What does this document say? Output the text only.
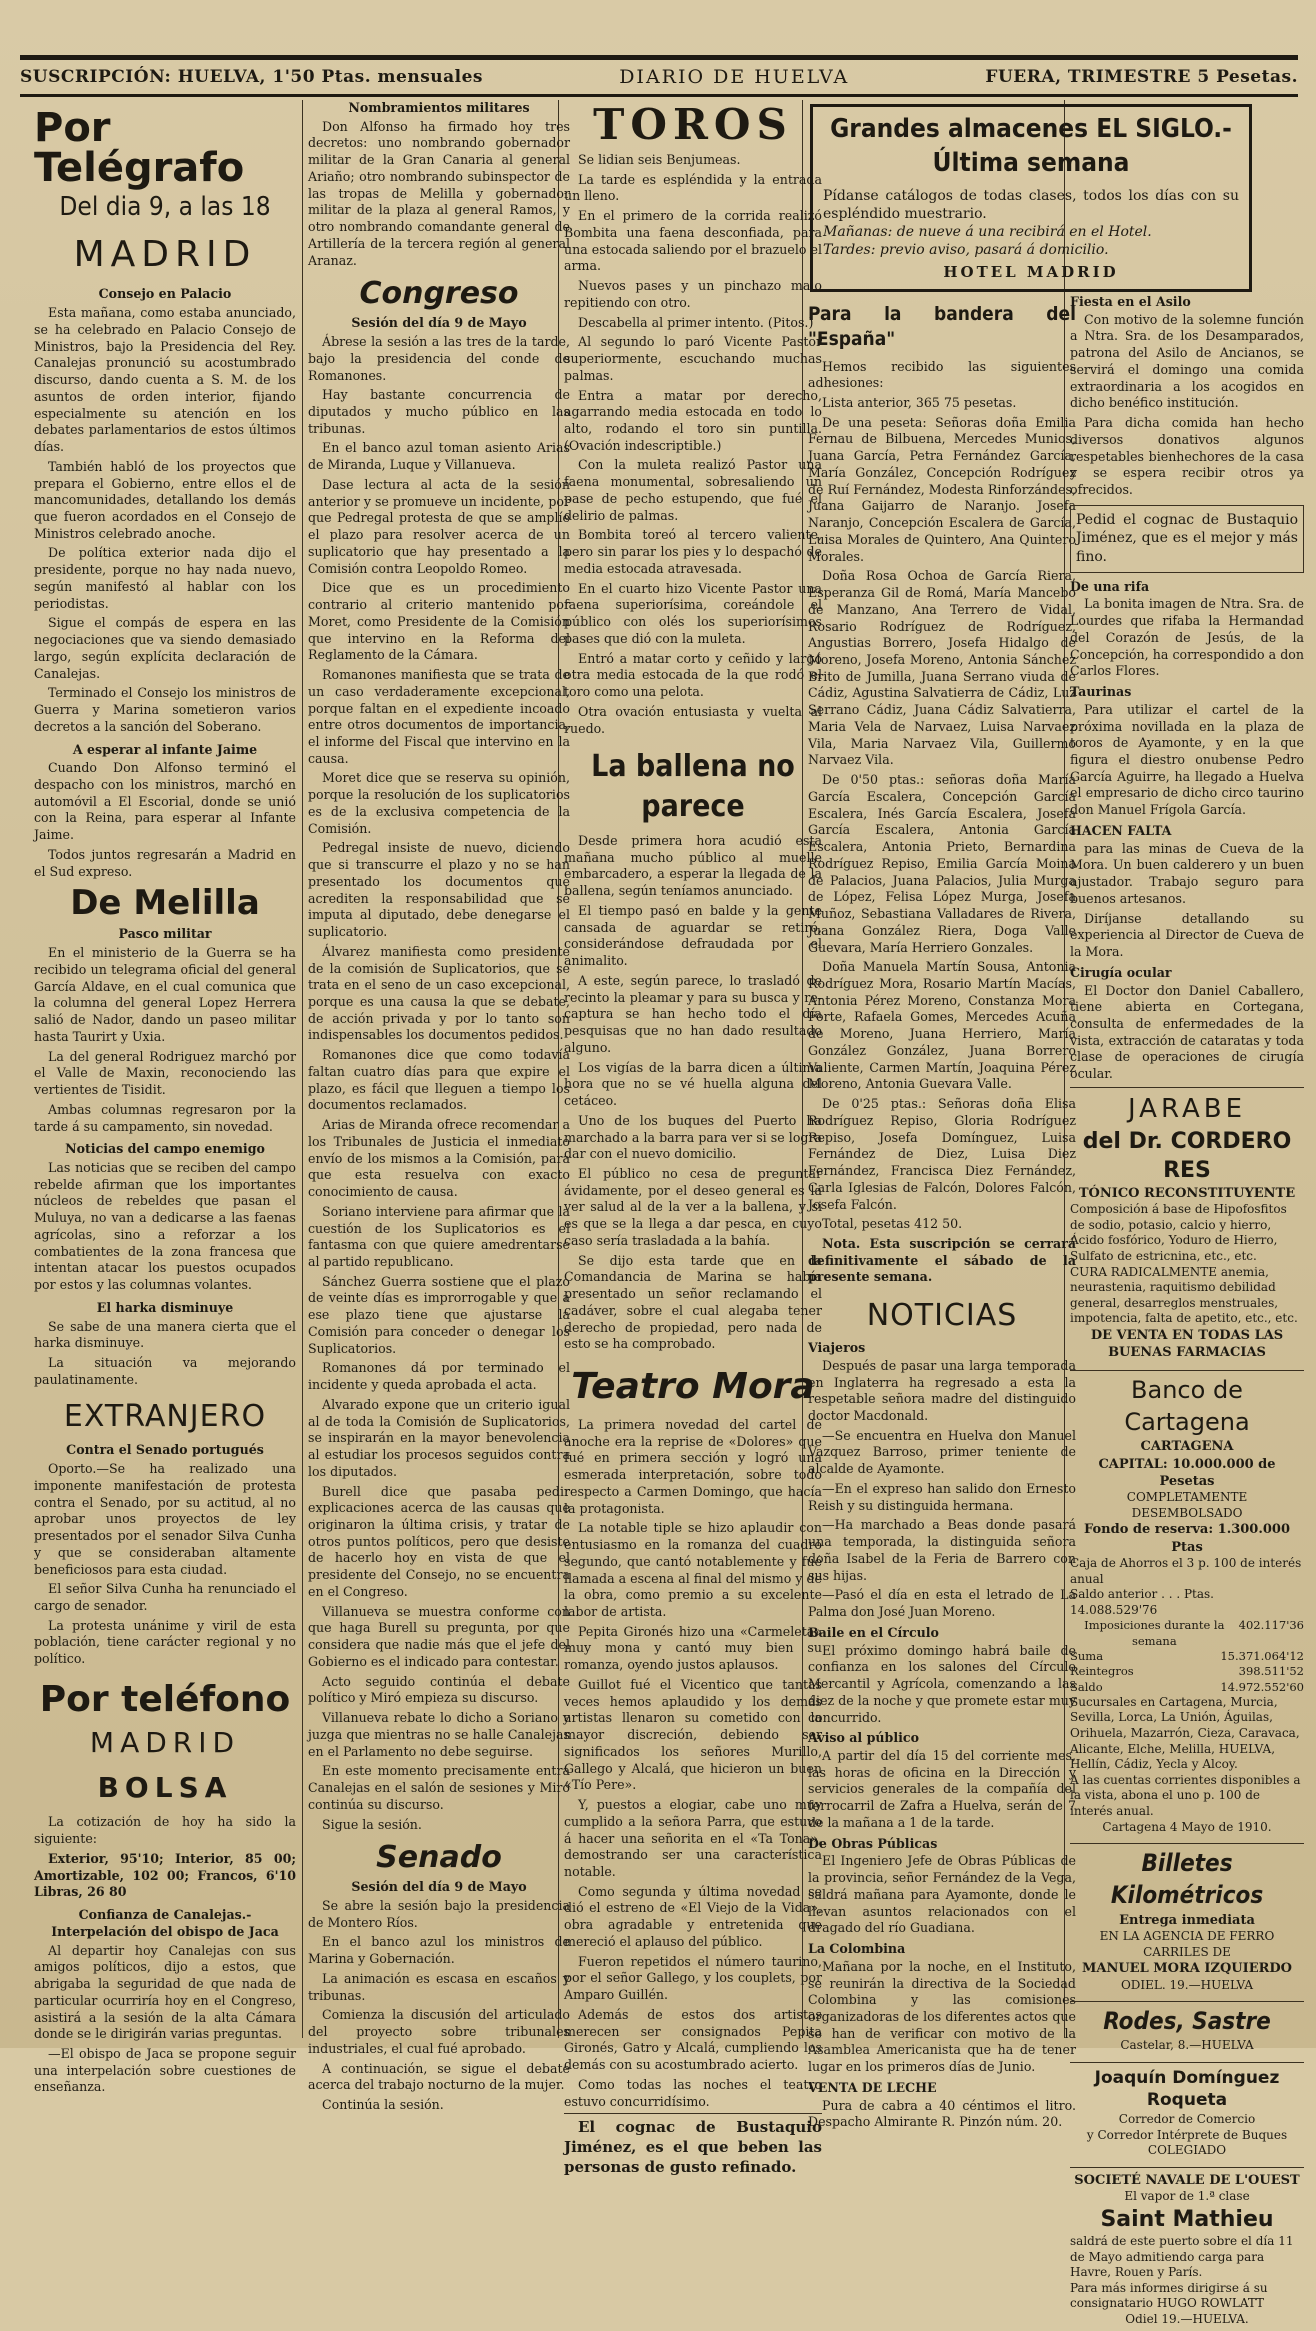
SUSCRIPCIÓN: HUELVA, 1'50 Ptas. mensuales	DIARIO DE HUELVA	FUERA, TRIMESTRE 5 Pesetas.
Por Telégrafo
Del dia 9, a las 18
MADRID
Consejo en Palacio

Esta mañana, como estaba anunciado, se ha celebrado en Palacio Consejo de Ministros, bajo la Presidencia del Rey. Canalejas pronunció su acostumbrado discurso, dando cuenta a S. M. de los asuntos de orden interior, fijando especialmente su atención en los debates parlamentarios de estos últimos días.

También habló de los proyectos que prepara el Gobierno, entre ellos el de mancomunidades, detallando los demás que fueron acordados en el Consejo de Ministros celebrado anoche.

De política exterior nada dijo el presidente, porque no hay nada nuevo, según manifestó al hablar con los periodistas.

Sigue el compás de espera en las negociaciones que va siendo demasiado largo, según explícita declaración de Canalejas.

Terminado el Consejo los ministros de Guerra y Marina sometieron varios decretos a la sanción del Soberano.

A esperar al infante Jaime

Cuando Don Alfonso terminó el despacho con los ministros, marchó en automóvil a El Escorial, donde se unió con la Reina, para esperar al Infante Jaime.

Todos juntos regresarán a Madrid en el Sud expreso.

De Melilla
Pasco militar

En el ministerio de la Guerra se ha recibido un telegrama oficial del general García Aldave, en el cual comunica que la columna del general Lopez Herrera salió de Nador, dando un paseo militar hasta Taurirt y Uxia.

La del general Rodriguez marchó por el Valle de Maxin, reconociendo las vertientes de Tisidit.

Ambas columnas regresaron por la tarde á su campamento, sin novedad.

Noticias del campo enemigo

Las noticias que se reciben del campo rebelde afirman que los importantes núcleos de rebeldes que pasan el Muluya, no van a dedicarse a las faenas agrícolas, sino a reforzar a los combatientes de la zona francesa que intentan atacar los puestos ocupados por estos y las columnas volantes.

El harka disminuye

Se sabe de una manera cierta que el harka disminuye.

La situación va mejorando paulatinamente.

EXTRANJERO
Contra el Senado portugués

Oporto.—Se ha realizado una imponente manifestación de protesta contra el Senado, por su actitud, al no aprobar unos proyectos de ley presentados por el senador Silva Cunha y que se consideraban altamente beneficiosos para esta ciudad.

El señor Silva Cunha ha renunciado el cargo de senador.

La protesta unánime y viril de esta población, tiene carácter regional y no político.

Por teléfono
MADRID
BOLSA

La cotización de hoy ha sido la siguiente:

Exterior, 95'10; Interior, 85 00; Amortizable, 102 00; Francos, 6'10 Libras, 26 80

Confianza de Canalejas.-Interpelación del obispo de Jaca

Al departir hoy Canalejas con sus amigos políticos, dijo a estos, que abrigaba la seguridad de que nada de particular ocurriría hoy en el Congreso, asistirá a la sesión de la alta Cámara donde se le dirigirán varias preguntas.

—El obispo de Jaca se propone seguir una interpelación sobre cuestiones de enseñanza.

Nombramientos militares

Don Alfonso ha firmado hoy tres decretos: uno nombrando gobernador militar de la Gran Canaria al general Ariaño; otro nombrando subinspector de las tropas de Melilla y gobernador militar de la plaza al general Ramos, y otro nombrando comandante general de Artillería de la tercera región al general Aranaz.

Congreso
Sesión del día 9 de Mayo

Ábrese la sesión a las tres de la tarde, bajo la presidencia del conde de Romanones.

Hay bastante concurrencia de diputados y mucho público en las tribunas.

En el banco azul toman asiento Arias de Miranda, Luque y Villanueva.

Dase lectura al acta de la sesión anterior y se promueve un incidente, por que Pedregal protesta de que se amplíe el plazo para resolver acerca de un suplicatorio que hay presentado a la Comisión contra Leopoldo Romeo.

Dice que es un procedimiento contrario al criterio mantenido por Moret, como Presidente de la Comisión que intervino en la Reforma del Reglamento de la Cámara.

Romanones manifiesta que se trata de un caso verdaderamente excepcional, porque faltan en el expediente incoado entre otros documentos de importancia, el informe del Fiscal que intervino en la causa.

Moret dice que se reserva su opinión, porque la resolución de los suplicatorios es de la exclusiva competencia de la Comisión.

Pedregal insiste de nuevo, diciendo que si transcurre el plazo y no se han presentado los documentos que acrediten la responsabilidad que se imputa al diputado, debe denegarse el suplicatorio.

Álvarez manifiesta como presidente de la comisión de Suplicatorios, que se trata en el seno de un caso excepcional, porque es una causa la que se debate, de acción privada y por lo tanto son indispensables los documentos pedidos.

Romanones dice que como todavía faltan cuatro días para que expire el plazo, es fácil que lleguen a tiempo los documentos reclamados.

Arias de Miranda ofrece recomendar a los Tribunales de Justicia el inmediato envío de los mismos a la Comisión, para que esta resuelva con exacto conocimiento de causa.

Soriano interviene para afirmar que la cuestión de los Suplicatorios es el fantasma con que quiere amedrentarse al partido republicano.

Sánchez Guerra sostiene que el plazo de veinte días es improrrogable y que a ese plazo tiene que ajustarse la Comisión para conceder o denegar los Suplicatorios.

Romanones dá por terminado el incidente y queda aprobada el acta.

Alvarado expone que un criterio igual al de toda la Comisión de Suplicatorios, se inspirarán en la mayor benevolencia al estudiar los procesos seguidos contra los diputados.

Burell dice que pasaba pedir explicaciones acerca de las causas que originaron la última crisis, y tratar de otros puntos políticos, pero que desiste de hacerlo hoy en vista de que el presidente del Consejo, no se encuentra en el Congreso.

Villanueva se muestra conforme con que haga Burell su pregunta, por que considera que nadie más que el jefe del Gobierno es el indicado para contestar.

Acto seguido continúa el debate político y Miró empieza su discurso.

Villanueva rebate lo dicho a Soriano y juzga que mientras no se halle Canalejas en el Parlamento no debe seguirse.

En este momento precisamente entra Canalejas en el salón de sesiones y Miró continúa su discurso.

Sigue la sesión.

Senado
Sesión del día 9 de Mayo

Se abre la sesión bajo la presidencia de Montero Ríos.

En el banco azul los ministros de Marina y Gobernación.

La animación es escasa en escaños y tribunas.

Comienza la discusión del articulado del proyecto sobre tribunales industriales, el cual fué aprobado.

A continuación, se sigue el debate acerca del trabajo nocturno de la mujer.

Continúa la sesión.

TOROS

Se lidian seis Benjumeas.

La tarde es espléndida y la entrada un lleno.

En el primero de la corrida realizó Bombita una faena desconfiada, para una estocada saliendo por el brazuelo el arma.

Nuevos pases y un pinchazo malo repitiendo con otro.

Descabella al primer intento. (Pitos.)

Al segundo lo paró Vicente Pastor superiormente, escuchando muchas palmas.

Entra a matar por derecho, agarrando media estocada en todo lo alto, rodando el toro sin puntilla. (Ovación indescriptible.)

Con la muleta realizó Pastor una faena monumental, sobresaliendo un pase de pecho estupendo, que fué el delirio de palmas.

Bombita toreó al tercero valiente, pero sin parar los pies y lo despachó de media estocada atravesada.

En el cuarto hizo Vicente Pastor una faena superiorísima, coreándole el público con olés los superiorísimos pases que dió con la muleta.

Entró a matar corto y ceñido y largó otra media estocada de la que rodó el toro como una pelota.

Otra ovación entusiasta y vuelta al ruedo.

La ballena no parece

Desde primera hora acudió esta mañana mucho público al muelle embarcadero, a esperar la llegada de la ballena, según teníamos anunciado.

El tiempo pasó en balde y la gente cansada de aguardar se retiró, considerándose defraudada por el animalito.

A este, según parece, lo trasladó de recinto la pleamar y para su busca y re-captura se han hecho todo el día pesquisas que no han dado resultado alguno.

Los vigías de la barra dicen a última hora que no se vé huella alguna del cetáceo.

Uno de los buques del Puerto ha marchado a la barra para ver si se logra dar con el nuevo domicilio.

El público no cesa de preguntar ávidamente, por el deseo general es la ver salud al de la ver a la ballena, y si es que se la llega a dar pesca, en cuyo caso sería trasladada a la bahía.

Se dijo esta tarde que en la Comandancia de Marina se había presentado un señor reclamando el cadáver, sobre el cual alegaba tener derecho de propiedad, pero nada de esto se ha comprobado.

Teatro Mora

La primera novedad del cartel de anoche era la reprise de «Dolores» que fué en primera sección y logró una esmerada interpretación, sobre todo respecto a Carmen Domingo, que hacía la protagonista.

La notable tiple se hizo aplaudir con entusiasmo en la romanza del cuadro segundo, que cantó notablemente y fué llamada a escena al final del mismo y de la obra, como premio a su excelente labor de artista.

Pepita Gironés hizo una «Carmeleta» muy mona y cantó muy bien su romanza, oyendo justos aplausos.

Guillot fué el Vicentico que tantas veces hemos aplaudido y los demás artistas llenaron su cometido con la mayor discreción, debiendo ser significados los señores Murillo, Gallego y Alcalá, que hicieron un buen «Tío Pere».

Y, puestos a elogiar, cabe uno muy cumplido a la señora Parra, que estuvo á hacer una señorita en el «Ta Tona», demostrando ser una característica notable.

Como segunda y última novedad se dió el estreno de «El Viejo de la Vida», obra agradable y entretenida que mereció el aplauso del público.

Fueron repetidos el número taurino, por el señor Gallego, y los couplets, por Amparo Guillén.

Además de estos dos artistas merecen ser consignados Pepita Gironés, Gatro y Alcalá, cumpliendo los demás con su acostumbrado acierto.

Como todas las noches el teatro estuvo concurridísimo.

El cognac de Bustaquio Jiménez, es el que beben las personas de gusto refinado.

Grandes almacenes EL SIGLO.-Última semana
Pídanse catálogos de todas clases, todos los días con su espléndido muestrario.
Mañanas: de nueve á una recibirá en el Hotel.
Tardes: previo aviso, pasará á domicilio.
HOTEL MADRID
Para la bandera del "España"

Hemos recibido las siguientes adhesiones:

Lista anterior, 365 75 pesetas.

De una peseta: Señoras doña Emilia Fernau de Bilbuena, Mercedes Munios, Juana García, Petra Fernández García, María González, Concepción Rodríguez de Ruí Fernández, Modesta Rinforzándes, Juana Gaijarro de Naranjo. Josefa Naranjo, Concepción Escalera de García, Luisa Morales de Quintero, Ana Quintero Morales.

Doña Rosa Ochoa de García Riera, Esperanza Gil de Romá, María Mancebo de Manzano, Ana Terrero de Vidal, Rosario Rodríguez de Rodríguez, Angustias Borrero, Josefa Hidalgo de Moreno, Josefa Moreno, Antonia Sánchez Brito de Jumilla, Juana Serrano viuda de Cádiz, Agustina Salvatierra de Cádiz, Luz Serrano Cádiz, Juana Cádiz Salvatierra, Maria Vela de Narvaez, Luisa Narvaez Vila, Maria Narvaez Vila, Guillermo Narvaez Vila.

De 0'50 ptas.: señoras doña María García Escalera, Concepción García Escalera, Inés García Escalera, Josefa García Escalera, Antonia García Escalera, Antonia Prieto, Bernardina Rodríguez Repiso, Emilia García Moina de Palacios, Juana Palacios, Julia Murga de López, Felisa López Murga, Josefa Muñoz, Sebastiana Valladares de Rivera, Juana González Riera, Doga Valle Guevara, María Herriero Gonzales.

Doña Manuela Martín Sousa, Antonia Rodríguez Mora, Rosario Martín Macías, Antonia Pérez Moreno, Constanza Mora Forte, Rafaela Gomes, Mercedes Acuña de Moreno, Juana Herriero, María González González, Juana Borrero Valiente, Carmen Martín, Joaquina Pérez Moreno, Antonia Guevara Valle.

De 0'25 ptas.: Señoras doña Elisa Rodríguez Repiso, Gloria Rodríguez Repiso, Josefa Domínguez, Luisa Fernández de Diez, Luisa Diez Fernández, Francisca Diez Fernández, Carla Iglesias de Falcón, Dolores Falcón, Josefa Falcón.

Total, pesetas 412 50.

Nota. Esta suscripción se cerrará definitivamente el sábado de la presente semana.

NOTICIAS
Viajeros

Después de pasar una larga temporada en Inglaterra ha regresado a esta la respetable señora madre del distinguido doctor Macdonald.

—Se encuentra en Huelva don Manuel Vazquez Barroso, primer teniente de alcalde de Ayamonte.

—En el expreso han salido don Ernesto Reish y su distinguida hermana.

—Ha marchado a Beas donde pasará una temporada, la distinguida señora doña Isabel de la Feria de Barrero con sus hijas.

—Pasó el día en esta el letrado de La Palma don José Juan Moreno.

Baile en el Círculo

El próximo domingo habrá baile de confianza en los salones del Círculo Mercantil y Agrícola, comenzando a las diez de la noche y que promete estar muy concurrido.

Aviso al público

A partir del día 15 del corriente mes, las horas de oficina en la Dirección y servicios generales de la compañía del ferrocarril de Zafra a Huelva, serán de 7 de la mañana a 1 de la tarde.

De Obras Públicas

El Ingeniero Jefe de Obras Públicas de la provincia, señor Fernández de la Vega, saldrá mañana para Ayamonte, donde le llevan asuntos relacionados con el dragado del río Guadiana.

La Colombina

Mañana por la noche, en el Instituto, se reunirán la directiva de la Sociedad Colombina y las comisiones organizadoras de los diferentes actos que se han de verificar con motivo de la Asamblea Americanista que ha de tener lugar en los primeros días de Junio.

VENTA DE LECHE

Pura de cabra a 40 céntimos el litro. Despacho Almirante R. Pinzón núm. 20.

Fiesta en el Asilo

Con motivo de la solemne función a Ntra. Sra. de los Desamparados, patrona del Asilo de Ancianos, se servirá el domingo una comida extraordinaria a los acogidos en dicho benéfico institución.

Para dicha comida han hecho diversos donativos algunos respetables bienhechores de la casa y se espera recibir otros ya ofrecidos.

Pedid el cognac de Bustaquio Jiménez, que es el mejor y más fino.
De una rifa

La bonita imagen de Ntra. Sra. de Lourdes que rifaba la Hermandad del Corazón de Jesús, de la Concepción, ha correspondido a don Carlos Flores.

Taurinas

Para utilizar el cartel de la próxima novillada en la plaza de toros de Ayamonte, y en la que figura el diestro onubense Pedro García Aguirre, ha llegado a Huelva el empresario de dicho circo taurino don Manuel Frígola García.

HACEN FALTA

para las minas de Cueva de la Mora. Un buen calderero y un buen ajustador. Trabajo seguro para buenos artesanos.

Diríjanse detallando su experiencia al Director de Cueva de la Mora.

Cirugía ocular

El Doctor don Daniel Caballero, tiene abierta en Cortegana, consulta de enfermedades de la vista, extracción de cataratas y toda clase de operaciones de cirugía ocular.

JARABE
del Dr. CORDERO RES
TÓNICO RECONSTITUYENTE
Composición á base de Hipofosfitos de sodio, potasio, calcio y hierro, Ácido fosfórico, Yoduro de Hierro, Sulfato de estricnina, etc., etc.
CURA RADICALMENTE anemia, neurastenia, raquitismo debilidad general, desarreglos menstruales, impotencia, falta de apetito, etc., etc.
DE VENTA EN TODAS LAS BUENAS FARMACIAS
Banco de Cartagena
CARTAGENA
CAPITAL: 10.000.000 de Pesetas
COMPLETAMENTE DESEMBOLSADO
Fondo de reserva: 1.300.000 Ptas
Caja de Ahorros el 3 p. 100 de interés anual
Saldo anterior . . . Ptas. 14.088.529'76
Imposiciones durante la semana
402.117'36
Suma	15.371.064'12
Reintegros	398.511'52
Saldo	14.972.552'60
Sucursales en Cartagena, Murcia, Sevilla, Lorca, La Unión, Águilas, Orihuela, Mazarrón, Cieza, Caravaca, Alicante, Elche, Melilla, HUELVA, Hellín, Cádiz, Yecla y Alcoy.
A las cuentas corrientes disponibles a la vista, abona el uno p. 100 de interés anual.
Cartagena 4 Mayo de 1910.
Billetes Kilométricos
Entrega inmediata
EN LA AGENCIA DE FERRO CARRILES DE
MANUEL MORA IZQUIERDO
ODIEL. 19.—HUELVA
Rodes, Sastre
Castelar, 8.—HUELVA
Joaquín Domínguez Roqueta
Corredor de Comercio
y Corredor Intérprete de Buques
COLEGIADO
SOCIETÉ NAVALE DE L'OUEST
El vapor de 1.ª clase
Saint Mathieu
saldrá de este puerto sobre el día 11 de Mayo admitiendo carga para Havre, Rouen y París.
Para más informes dirigirse á su consignatario HUGO ROWLATT
Odiel 19.—HUELVA.
